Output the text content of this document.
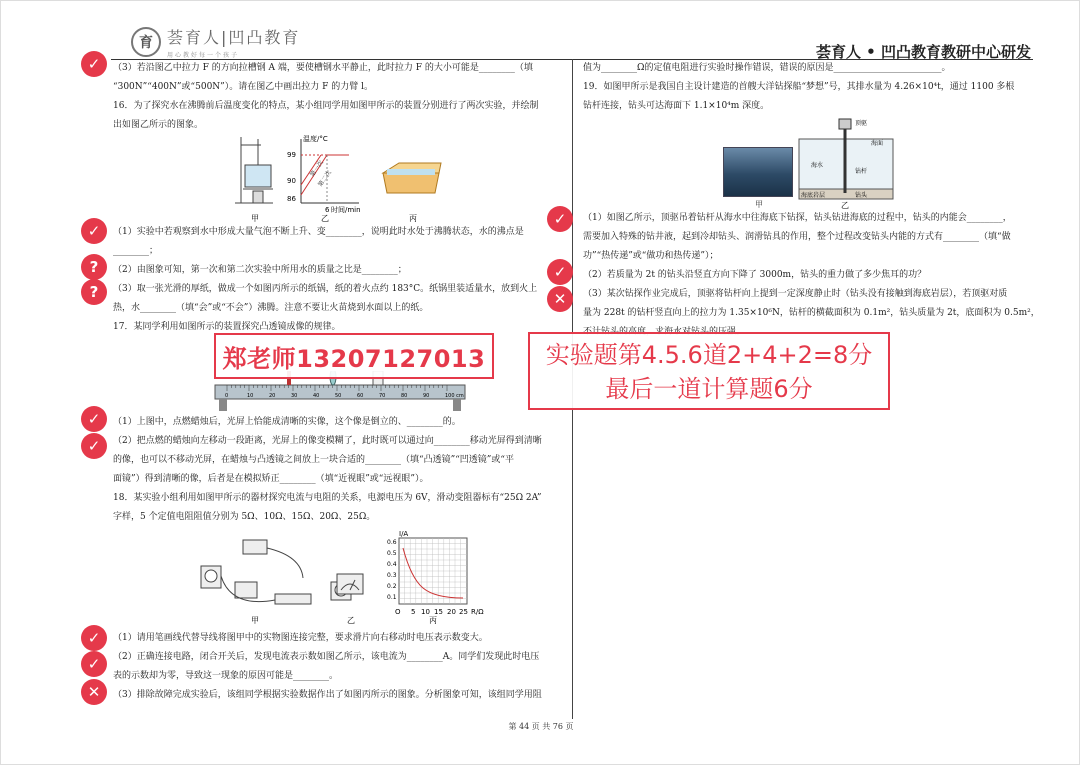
育 荟育人|凹凸教育
用心教好每一个孩子	荟育人 • 凹凸教育教研中心研发

（3）若沿图乙中拉力 F 的方向拉槽钢 A 端，要使槽钢水平静止，此时拉力 F 的大小可能是________（填

“300N”“400N”或“500N”）。请在图乙中画出拉力 F 的力臂 l。

16．为了探究水在沸腾前后温度变化的特点，某小组同学用如图甲所示的装置分别进行了两次实验，并绘制

出如图乙所示的图象。

温度/°C
99
90
86
6 时间/min
第一次
第二次
甲	乙	丙

（1）实验中若观察到水中形成大量气泡不断上升、变________，说明此时水处于沸腾状态，水的沸点是

________；

（2）由图象可知，第一次和第二次实验中所用水的质量之比是________；

（3）取一张光滑的厚纸，做成一个如图丙所示的纸锅，纸的着火点约 183°C。纸锅里装适量水，放到火上

热，水________（填“会”或“不会”）沸腾。注意不要让火苗烧到水面以上的纸。

17．某同学利用如图所示的装置探究凸透镜成像的规律。

0	10	20	30	40	50	60	70	80	90	100 cm

（1）上图中，点燃蜡烛后，光屏上恰能成清晰的实像，这个像是倒立的、________的。

（2）把点燃的蜡烛向左移动一段距离，光屏上的像变模糊了，此时既可以通过向________移动光屏得到清晰

的像，也可以不移动光屏，在蜡烛与凸透镜之间放上一块合适的________（填“凸透镜”“凹透镜”或“平

面镜”）得到清晰的像，后者是在模拟矫正________（填“近视眼”或“远视眼”）。

18．某实验小组利用如图甲所示的器材探究电流与电阻的关系，电源电压为 6V，滑动变阻器标有“25Ω 2A”

字样，5 个定值电阻阻值分别为 5Ω、10Ω、15Ω、20Ω、25Ω。

I/A
0.6
0.5
0.4
0.3
0.2
0.1
O 5 10 15 20 25 R/Ω
甲	乙	丙

（1）请用笔画线代替导线将图甲中的实物图连接完整，要求滑片向右移动时电压表示数变大。

（2）正确连接电路，闭合开关后，发现电流表示数如图乙所示，该电流为________A。同学们发现此时电压

表的示数却为零，导致这一现象的原因可能是________。

（3）排除故障完成实验后，该组同学根据实验数据作出了如图丙所示的图象。分析图象可知，该组同学用阻

值为________Ω的定值电阻进行实验时操作错误，错误的原因是________________________。

19．如图甲所示是我国自主设计建造的首艘大洋钻探船“梦想”号，其排水量为 4.26×10⁴t，通过 1100 多根

钻杆连接，钻头可达海面下 1.1×10⁴m 深度。

顶驱
海面
海水
钻杆
海底岩层	钻头
乙
甲

（1）如图乙所示，顶驱吊着钻杆从海水中往海底下钻探，钻头钻进海底的过程中，钻头的内能会________，

需要加入特殊的钻井液，起到冷却钻头、润滑钻具的作用，整个过程改变钻头内能的方式有________（填“做

功”“热传递”或“做功和热传递”）；

（2）若质量为 2t 的钻头沿竖直方向下降了 3000m，钻头的重力做了多少焦耳的功？

（3）某次钻探作业完成后，顶驱将钻杆向上提到一定深度静止时（钻头没有接触到海底岩层），若顶驱对质

量为 228t 的钻杆竖直向上的拉力为 1.35×10⁶N，钻杆的横截面积为 0.1m²，钻头质量为 2t，底面积为 0.5m²，

郑老师13207127013	实验题第4.5.6道2+4+2=8分
最后一道计算题6分
✓
✓
?
?
✓
✓
✓
✓
✕
✓
✓
✕
第 44 页 共 76 页
